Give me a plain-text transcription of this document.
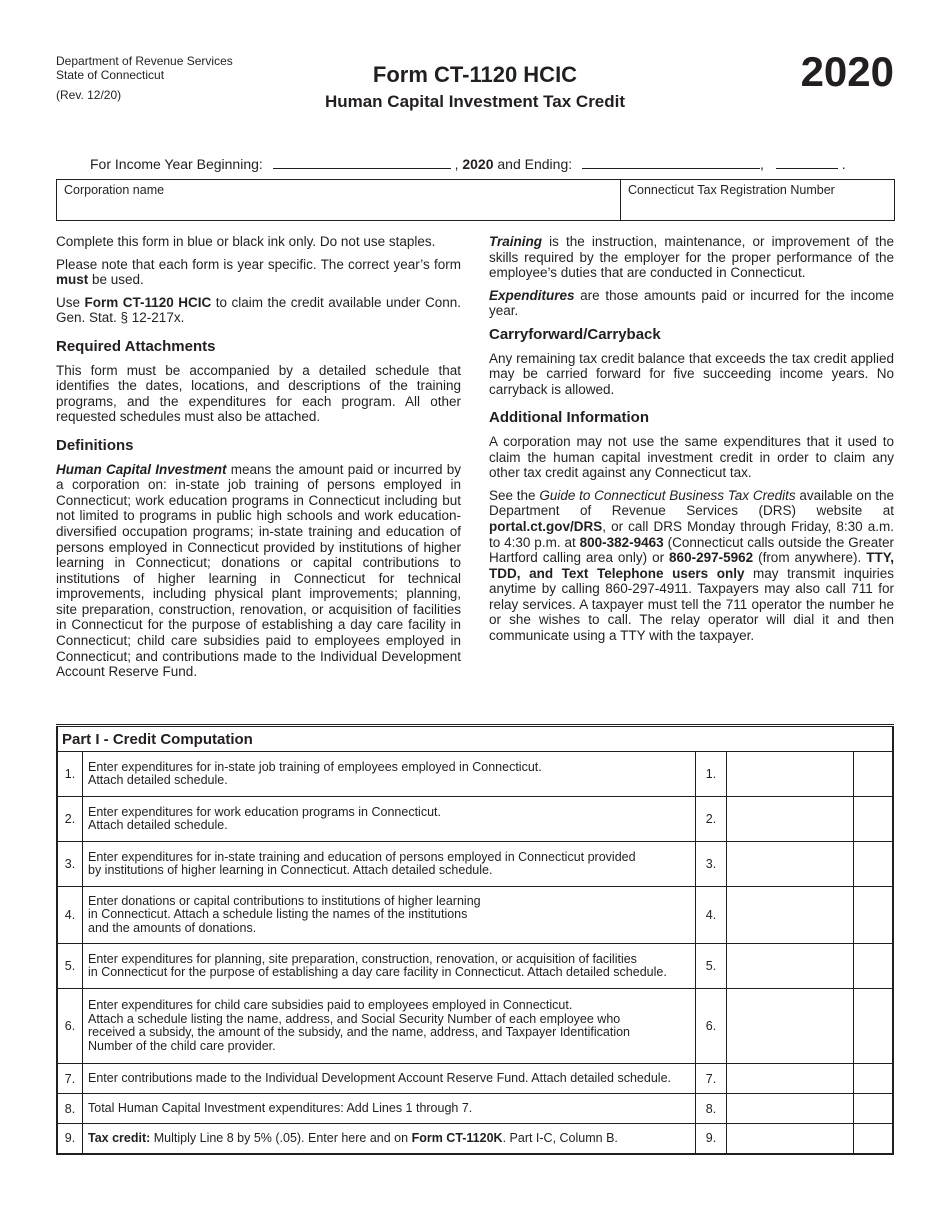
Department of Revenue Services
State of Connecticut
(Rev. 12/20)
Form CT-1120 HCIC
Human Capital Investment Tax Credit
2020
For Income Year Beginning:	, 2020 and Ending:	,	.
Corporation name	Connecticut Tax Registration Number

Complete this form in blue or black ink only. Do not use staples.

Please note that each form is year specific. The correct year’s form must be used.

Use Form CT-1120 HCIC to claim the credit available under Conn. Gen. Stat. § 12-217x.

Required Attachments

This form must be accompanied by a detailed schedule that identifies the dates, locations, and descriptions of the training programs, and the expenditures for each program. All other requested schedules must also be attached.

Definitions

Human Capital Investment means the amount paid or incurred by a corporation on: in-state job training of persons employed in Connecticut; work education programs in Connecticut including but not limited to programs in public high schools and work education-diversified occupation programs; in-state training and education of persons employed in Connecticut provided by institutions of higher learning in Connecticut; donations or capital contributions to institutions of higher learning in Connecticut for technical improvements, including physical plant improvements; planning, site preparation, construction, renovation, or acquisition of facilities in Connecticut for the purpose of establishing a day care facility in Connecticut; child care subsidies paid to employees employed in Connecticut; and contributions made to the Individual Development Account Reserve Fund.

Training is the instruction, maintenance, or improvement of the skills required by the employer for the proper performance of the employee’s duties that are conducted in Connecticut.

Expenditures are those amounts paid or incurred for the income year.

Carryforward/Carryback

Any remaining tax credit balance that exceeds the tax credit applied may be carried forward for five succeeding income years. No carryback is allowed.

Additional Information

A corporation may not use the same expenditures that it used to claim the human capital investment credit in order to claim any other tax credit against any Connecticut tax.

See the Guide to Connecticut Business Tax Credits available on the Department of Revenue Services (DRS) website at portal.ct.gov/DRS, or call DRS Monday through Friday, 8:30 a.m. to 4:30 p.m. at 800-382-9463 (Connecticut calls outside the Greater Hartford calling area only) or 860-297-5962 (from anywhere). TTY, TDD, and Text Telephone users only may transmit inquiries anytime by calling 860-297-4911. Taxpayers may also call 711 for relay services. A taxpayer must tell the 711 operator the number he or she wishes to call. The relay operator will dial it and then communicate using a TTY with the taxpayer.

Part I - Credit Computation				
1.	Enter expenditures for in-state job training of employees employed in Connecticut.
Attach detailed schedule.	1.		
2.	Enter expenditures for work education programs in Connecticut.
Attach detailed schedule.	2.		
3.	Enter expenditures for in-state training and education of persons employed in Connecticut provided
by institutions of higher learning in Connecticut. Attach detailed schedule.	3.		
4.	Enter donations or capital contributions to institutions of higher learning
in Connecticut. Attach a schedule listing the names of the institutions
and the amounts of donations.	4.		
5.	Enter expenditures for planning, site preparation, construction, renovation, or acquisition of facilities
in Connecticut for the purpose of establishing a day care facility in Connecticut. Attach detailed schedule.	5.		
6.	Enter expenditures for child care subsidies paid to employees employed in Connecticut.
Attach a schedule listing the name, address, and Social Security Number of each employee who
received a subsidy, the amount of the subsidy, and the name, address, and Taxpayer Identification
Number of the child care provider.	6.		
7.	Enter contributions made to the Individual Development Account Reserve Fund. Attach detailed schedule.	7.		
8.	Total Human Capital Investment expenditures: Add Lines 1 through 7.	8.		
9.	Tax credit: Multiply Line 8 by 5% (.05). Enter here and on Form CT-1120K. Part I-C, Column B.	9.		
